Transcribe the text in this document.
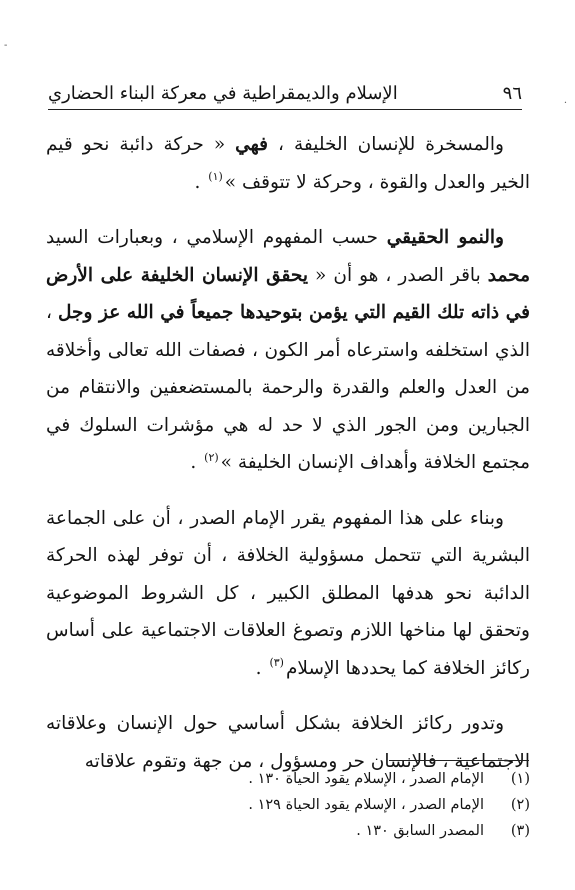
-
.
٩٦
الإسلام والديمقراطية في معركة البناء الحضاري

والمسخرة للإنسان الخليفة ، فهي « حركة دائبة نحو قيم الخير والعدل والقوة ، وحركة لا تتوقف »$^{(١)}$ .

والنمو الحقيقي حسب المفهوم الإسلامي ، وبعبارات السيد محمد باقر الصدر ، هو أن « يحقق الإنسان الخليفة على الأرض في ذاته تلك القيم التي يؤمن بتوحيدها جميعاً في الله عز وجل ، الذي استخلفه واسترعاه أمر الكون ، فصفات الله تعالى وأخلاقه من العدل والعلم والقدرة والرحمة بالمستضعفين والانتقام من الجبارين ومن الجور الذي لا حد له هي مؤشرات السلوك في مجتمع الخلافة وأهداف الإنسان الخليفة »$^{(٢)}$ .

وبناء على هذا المفهوم يقرر الإمام الصدر ، أن على الجماعة البشرية التي تتحمل مسؤولية الخلافة ، أن توفر لهذه الحركة الدائبة نحو هدفها المطلق الكبير ، كل الشروط الموضوعية وتحقق لها مناخها اللازم وتصوغ العلاقات الاجتماعية على أساس ركائز الخلافة كما يحددها الإسلام$^{(٣)}$ .

وتدور ركائز الخلافة بشكل أساسي حول الإنسان وعلاقاته الاجتماعية ، فالإنسان حر ومسؤول ، من جهة وتقوم علاقاته

(١)
الإمام الصدر ، الإسلام يقود الحياة ١٣٠ .
(٢)
الإمام الصدر ، الإسلام يقود الحياة ١٢٩ .
(٣)
المصدر السابق ١٣٠ .
